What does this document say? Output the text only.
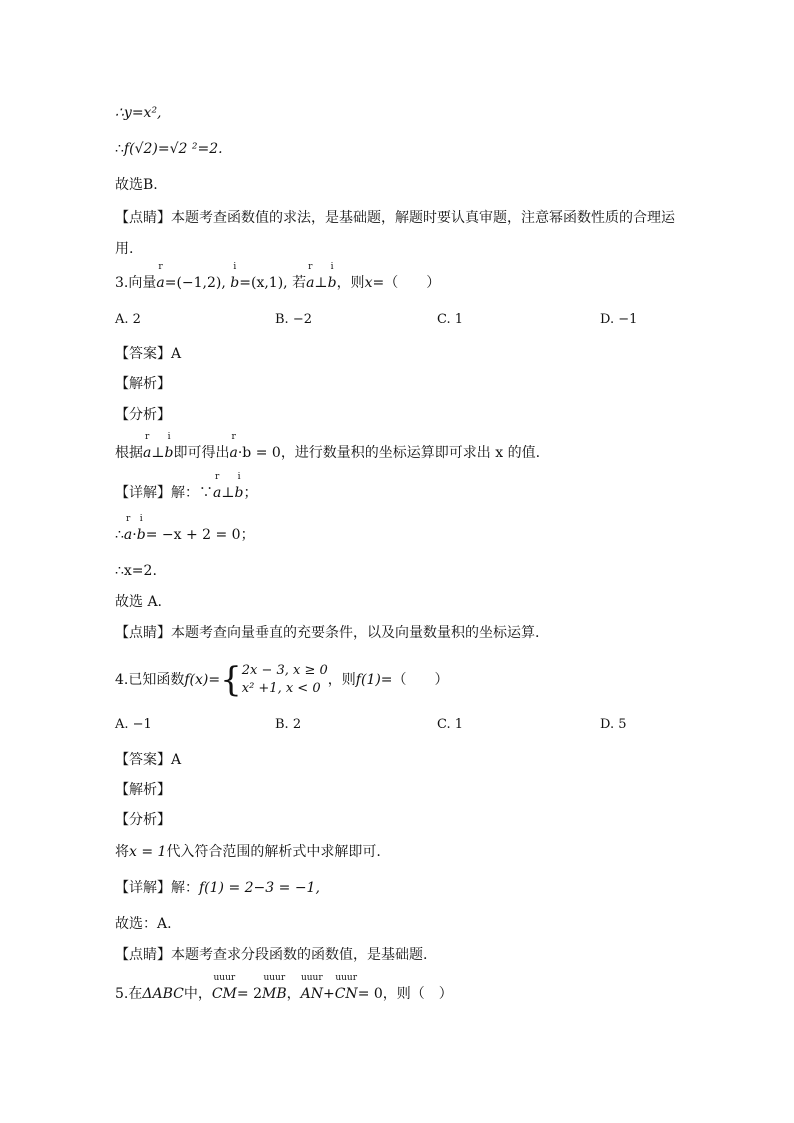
∴y=x²,
∴f(√2)=√2 ²=2.
故选B.
【点睛】本题考查函数值的求法，是基础题，解题时要认真审题，注意幂函数性质的合理运用.
3.向量
r
a=(−1,2),
i
b=(x,1), 若
r
a⊥
i
b，则x=（　　）
A. 2	B. −2	C. 1	D. −1
【答案】A
【解析】
【分析】
根据
r
a⊥
i
b即可得出
r
a·b = 0，进行数量积的坐标运算即可求出 x 的值.
【详解】解：∵
r
a⊥
i
b；
∴
r
a·
i
b= −x + 2 = 0；
∴x=2.
故选 A.
【点睛】本题考查向量垂直的充要条件，以及向量数量积的坐标运算.
4.已知函数f(x)={2x − 3, x ≥ 0
x² +1, x < 0，则f(1)=（　　）
A. −1	B. 2	C. 1	D. 5
【答案】A
【解析】
【分析】
将x = 1代入符合范围的解析式中求解即可.
【详解】解：f(1) = 2−3 = −1,
故选：A.
【点睛】本题考查求分段函数的函数值，是基础题.
5.在ΔABC中，
uuur
CM= 2
uuur
MB，
uuur
AN+
uuur
CN= 0，则（　）
